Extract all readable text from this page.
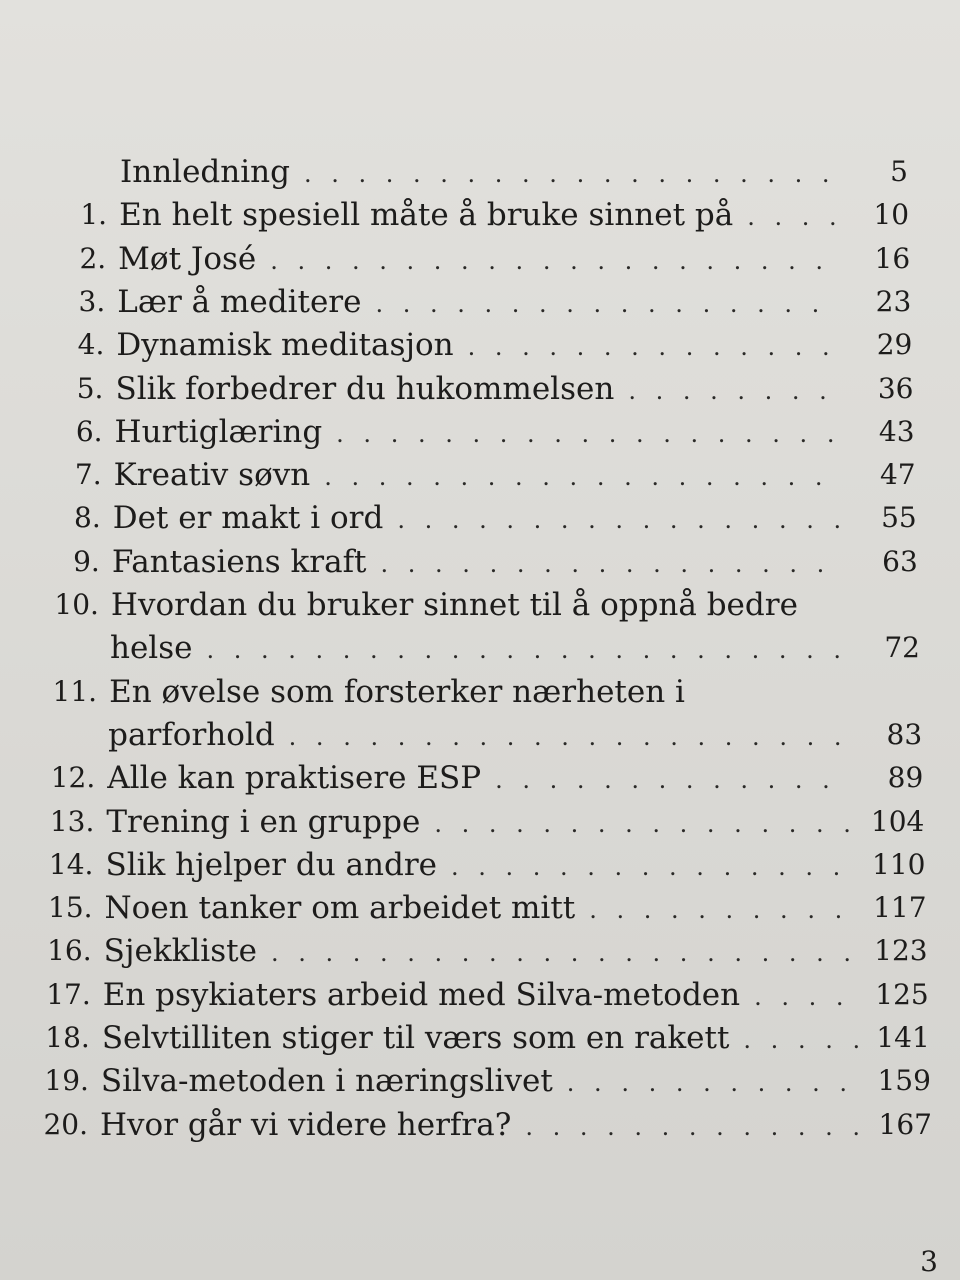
Innledning . . .	5
1. En helt spesiell måte å bruke sinnet på . . .	10
2. Møt José . . .	16
3. Lær å meditere . . .	23
4. Dynamisk meditasjon . . .	29
5. Slik forbedrer du hukommelsen . . .	36
6. Hurtiglæring . . .	43
7. Kreativ søvn . . .	47
8. Det er makt i ord . . .	55
9. Fantasiens kraft . . .	63
10. Hvordan du bruker sinnet til å oppnå bedre
helse . . .	72
11. En øvelse som forsterker nærheten i
parforhold . . .	83
12. Alle kan praktisere ESP . . .	89
13. Trening i en gruppe . . .	104
14. Slik hjelper du andre . . .	110
15. Noen tanker om arbeidet mitt . . .	117
16. Sjekkliste . . .	123
17. En psykiaters arbeid med Silva-metoden . . .	125
18. Selvtilliten stiger til værs som en rakett . . .	141
19. Silva-metoden i næringslivet . . .	159
20. Hvor går vi videre herfra? . . .	167
3
